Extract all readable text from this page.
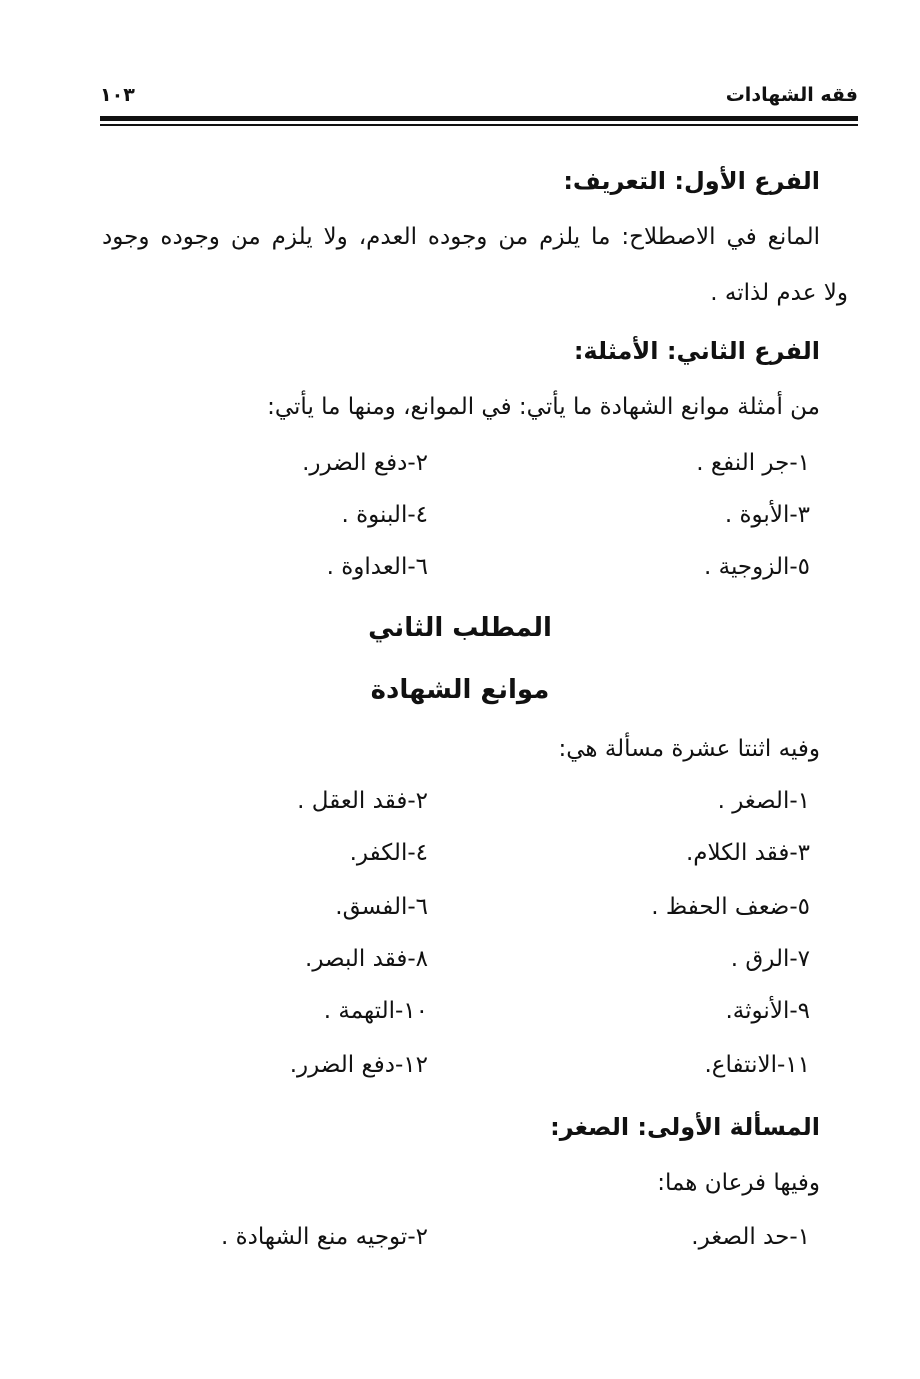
فقه الشهادات
١٠٣
الفرع الأول: التعريف:
المانع في الاصطلاح: ما يلزم من وجوده العدم، ولا يلزم من وجوده وجود
ولا عدم لذاته .
الفرع الثاني: الأمثلة:
من أمثلة موانع الشهادة ما يأتي: في الموانع، ومنها ما يأتي:
١-جر النفع .
٢-دفع الضرر.
٣-الأبوة .
٤-البنوة .
٥-الزوجية .
٦-العداوة .
المطلب الثاني
موانع الشهادة
وفيه اثنتا عشرة مسألة هي:
١-الصغر .
٢-فقد العقل .
٣-فقد الكلام.
٤-الكفر.
٥-ضعف الحفظ .
٦-الفسق.
٧-الرق .
٨-فقد البصر.
٩-الأنوثة.
١٠-التهمة .
١١-الانتفاع.
١٢-دفع الضرر.
المسألة الأولى: الصغر:
وفيها فرعان هما:
١-حد الصغر.
٢-توجيه منع الشهادة .
